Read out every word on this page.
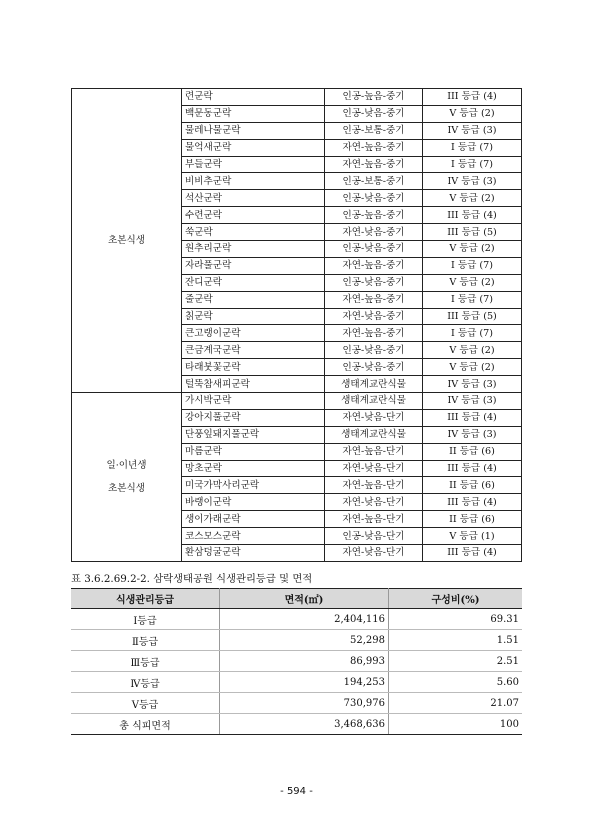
초본식생	련군락	인공-높음-중기	III 등급 (4)
	백문동군락	인공-낮음-중기	V 등급 (2)
	물레나물군락	인공-보통-중기	IV 등급 (3)
	물억새군락	자연-높음-중기	I 등급 (7)
	부들군락	자연-높음-중기	I 등급 (7)
	비비추군락	인공-보통-중기	IV 등급 (3)
	석산군락	인공-낮음-중기	V 등급 (2)
	수련군락	인공-높음-중기	III 등급 (4)
	쑥군락	자연-낮음-중기	III 등급 (5)
	원추리군락	인공-낮음-중기	V 등급 (2)
	자라풀군락	자연-높음-중기	I 등급 (7)
	잔디군락	인공-낮음-중기	V 등급 (2)
	줄군락	자연-높음-중기	I 등급 (7)
	칡군락	자연-낮음-중기	III 등급 (5)
	큰고랭이군락	자연-높음-중기	I 등급 (7)
	큰금계국군락	인공-낮음-중기	V 등급 (2)
	타래붓꽃군락	인공-낮음-중기	V 등급 (2)
	털뚝참새피군락	생태계교란식물	IV 등급 (3)

일·이년생
초본식생	가시박군락	생태계교란식물	IV 등급 (3)
	강아지풀군락	자연-낮음-단기	III 등급 (4)
	단풍잎돼지풀군락	생태계교란식물	IV 등급 (3)
	마름군락	자연-높음-단기	II 등급 (6)
	망초군락	자연-낮음-단기	III 등급 (4)
	미국가막사리군락	자연-높음-단기	II 등급 (6)
	바랭이군락	자연-낮음-단기	III 등급 (4)
	생이가래군락	자연-높음-단기	II 등급 (6)
	코스모스군락	인공-낮음-단기	V 등급 (1)
	환삼덩굴군락	자연-낮음-단기	III 등급 (4)
표 3.6.2.69.2-2. 삼락생태공원 식생관리등급 및 면적
식생관리등급	면적(㎡)	구성비(%)
Ⅰ등급	2,404,116	69.31
Ⅱ등급	52,298	1.51
Ⅲ등급	86,993	2.51
Ⅳ등급	194,253	5.60
Ⅴ등급	730,976	21.07
총 식피면적	3,468,636	100
- 594 -
